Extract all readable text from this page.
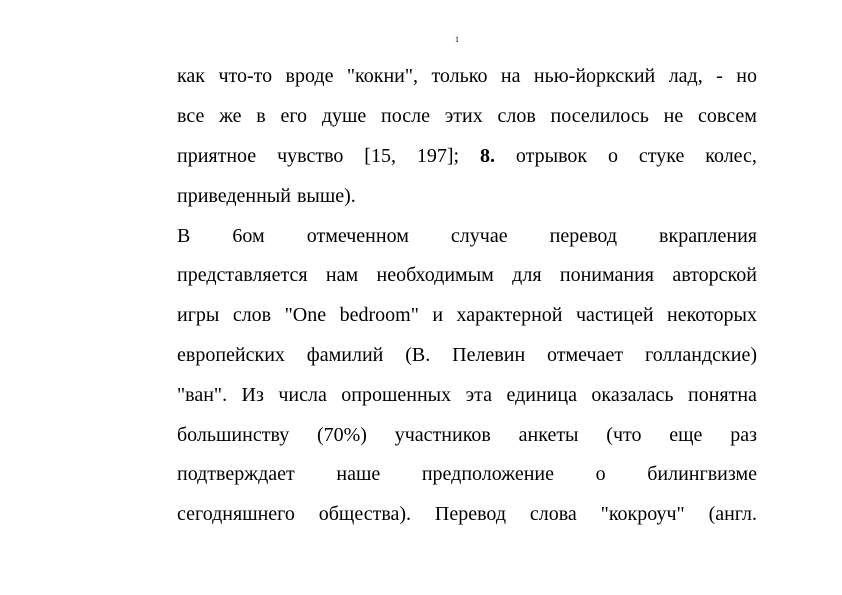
1
как что-то вроде "кокни", только на нью-йоркский лад, - но
все же в его душе после этих слов поселилось не совсем
приятное чувство [15, 197]; 8. отрывок о стуке колес,
приведенный выше).
В 6ом отмеченном случае перевод вкрапления
представляется нам необходимым для понимания авторской
игры слов "One bedroom" и характерной частицей некоторых
европейских фамилий (В. Пелевин отмечает голландские)
"ван". Из числа опрошенных эта единица оказалась понятна
большинству (70%) участников анкеты (что еще раз
подтверждает наше предположение о билингвизме
сегодняшнего общества). Перевод слова "кокроуч" (англ.
